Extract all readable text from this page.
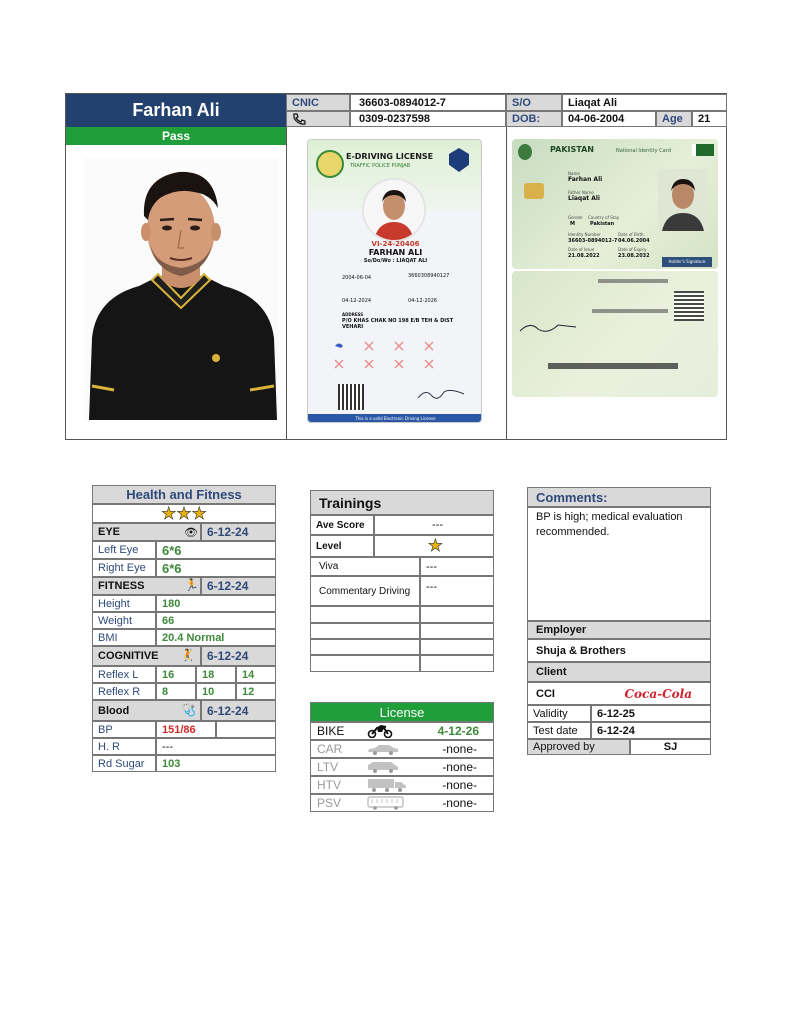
Farhan Ali
Pass
CNIC	36603-0894012-7	S/O	Liaqat Ali
0309-0237598	DOB:	04-06-2004	Age	21
E-DRIVING LICENSE
TRAFFIC POLICE PUNJAB
VI-24-20406
FARHAN ALI
So/Do/Wo : LIAQAT ALI
2004-06-04	3660308940127
04-12-2024	04-12-2026
ADDRESS
P/O KHAS CHAK NO 198 E/B TEH & DIST VEHARI
This is a valid Electronic Driving License
PAKISTAN	National Identity Card
Name
Farhan Ali
Father Name
Liaqat Ali
Gender
M
Country of Stay
Pakistan
Identity Number
36603-0894012-7
Date of Birth
04.06.2004
Date of Issue
21.08.2022
Date of Expiry
23.08.2032
Holder's Signature
Health and Fitness
★★★
EYE	👁 6-12-24
Left Eye	6*6
Right Eye	6*6
FITNESS	🏃 6-12-24
Height	180
Weight	66
BMI	20.4 Normal
COGNITIVE	🤾	6-12-24
Reflex L	16	18	14
Reflex R	8	10	12
Blood	🩺 6-12-24
BP	151/86
H. R	---
Rd Sugar	103
Trainings
Ave Score	---
Level	★
Viva	---
Commentary Driving	---
License
BIKE	4-12-26
CAR	-none-
LTV	-none-
HTV	-none-
PSV	-none-
Comments:
BP is high; medical evaluation recommended.
Employer
Shuja & Brothers
Client
CCI	Coca-Cola
Validity	6-12-25
Test date	6-12-24
Approved by	SJ
